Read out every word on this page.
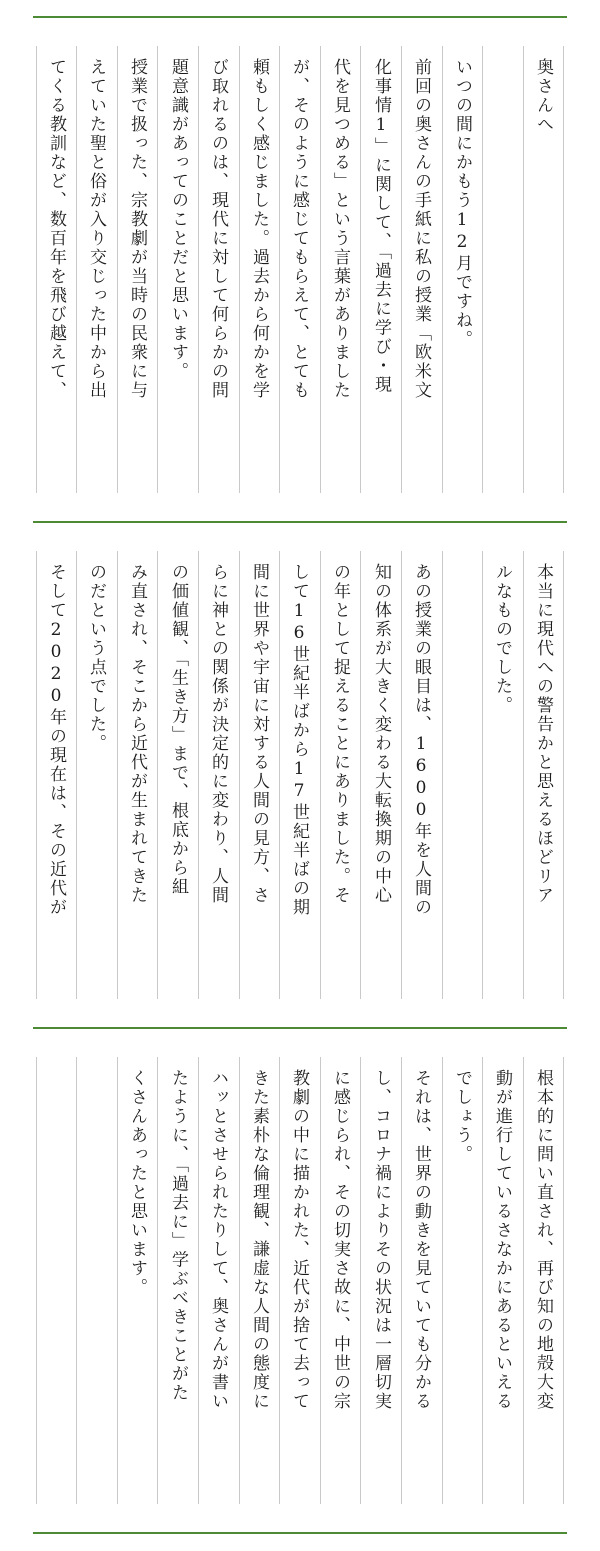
奥さんへ
いつの間にかもう12月ですね。
前回の奥さんの手紙に私の授業「欧米文
化事情1」に関して、「過去に学び・現
代を見つめる」という言葉がありました
が、そのように感じてもらえて、とても
頼もしく感じました。過去から何かを学
び取れるのは、現代に対して何らかの問
題意識があってのことだと思います。
授業で扱った、宗教劇が当時の民衆に与
えていた聖と俗が入り交じった中から出
てくる教訓など、数百年を飛び越えて、
本当に現代への警告かと思えるほどリア
ルなものでした。
あの授業の眼目は、1600年を人間の
知の体系が大きく変わる大転換期の中心
の年として捉えることにありました。そ
して16世紀半ばから17世紀半ばの期
間に世界や宇宙に対する人間の見方、さ
らに神との関係が決定的に変わり、人間
の価値観、「生き方」まで、根底から組
み直され、そこから近代が生まれてきた
のだという点でした。
そして2020年の現在は、その近代が
根本的に問い直され、再び知の地殻大変
動が進行しているさなかにあるといえる
でしょう。
それは、世界の動きを見ていても分かる
し、コロナ禍によりその状況は一層切実
に感じられ、その切実さ故に、中世の宗
教劇の中に描かれた、近代が捨て去って
きた素朴な倫理観、謙虚な人間の態度に
ハッとさせられたりして、奥さんが書い
たように、「過去に」学ぶべきことがた
くさんあったと思います。
